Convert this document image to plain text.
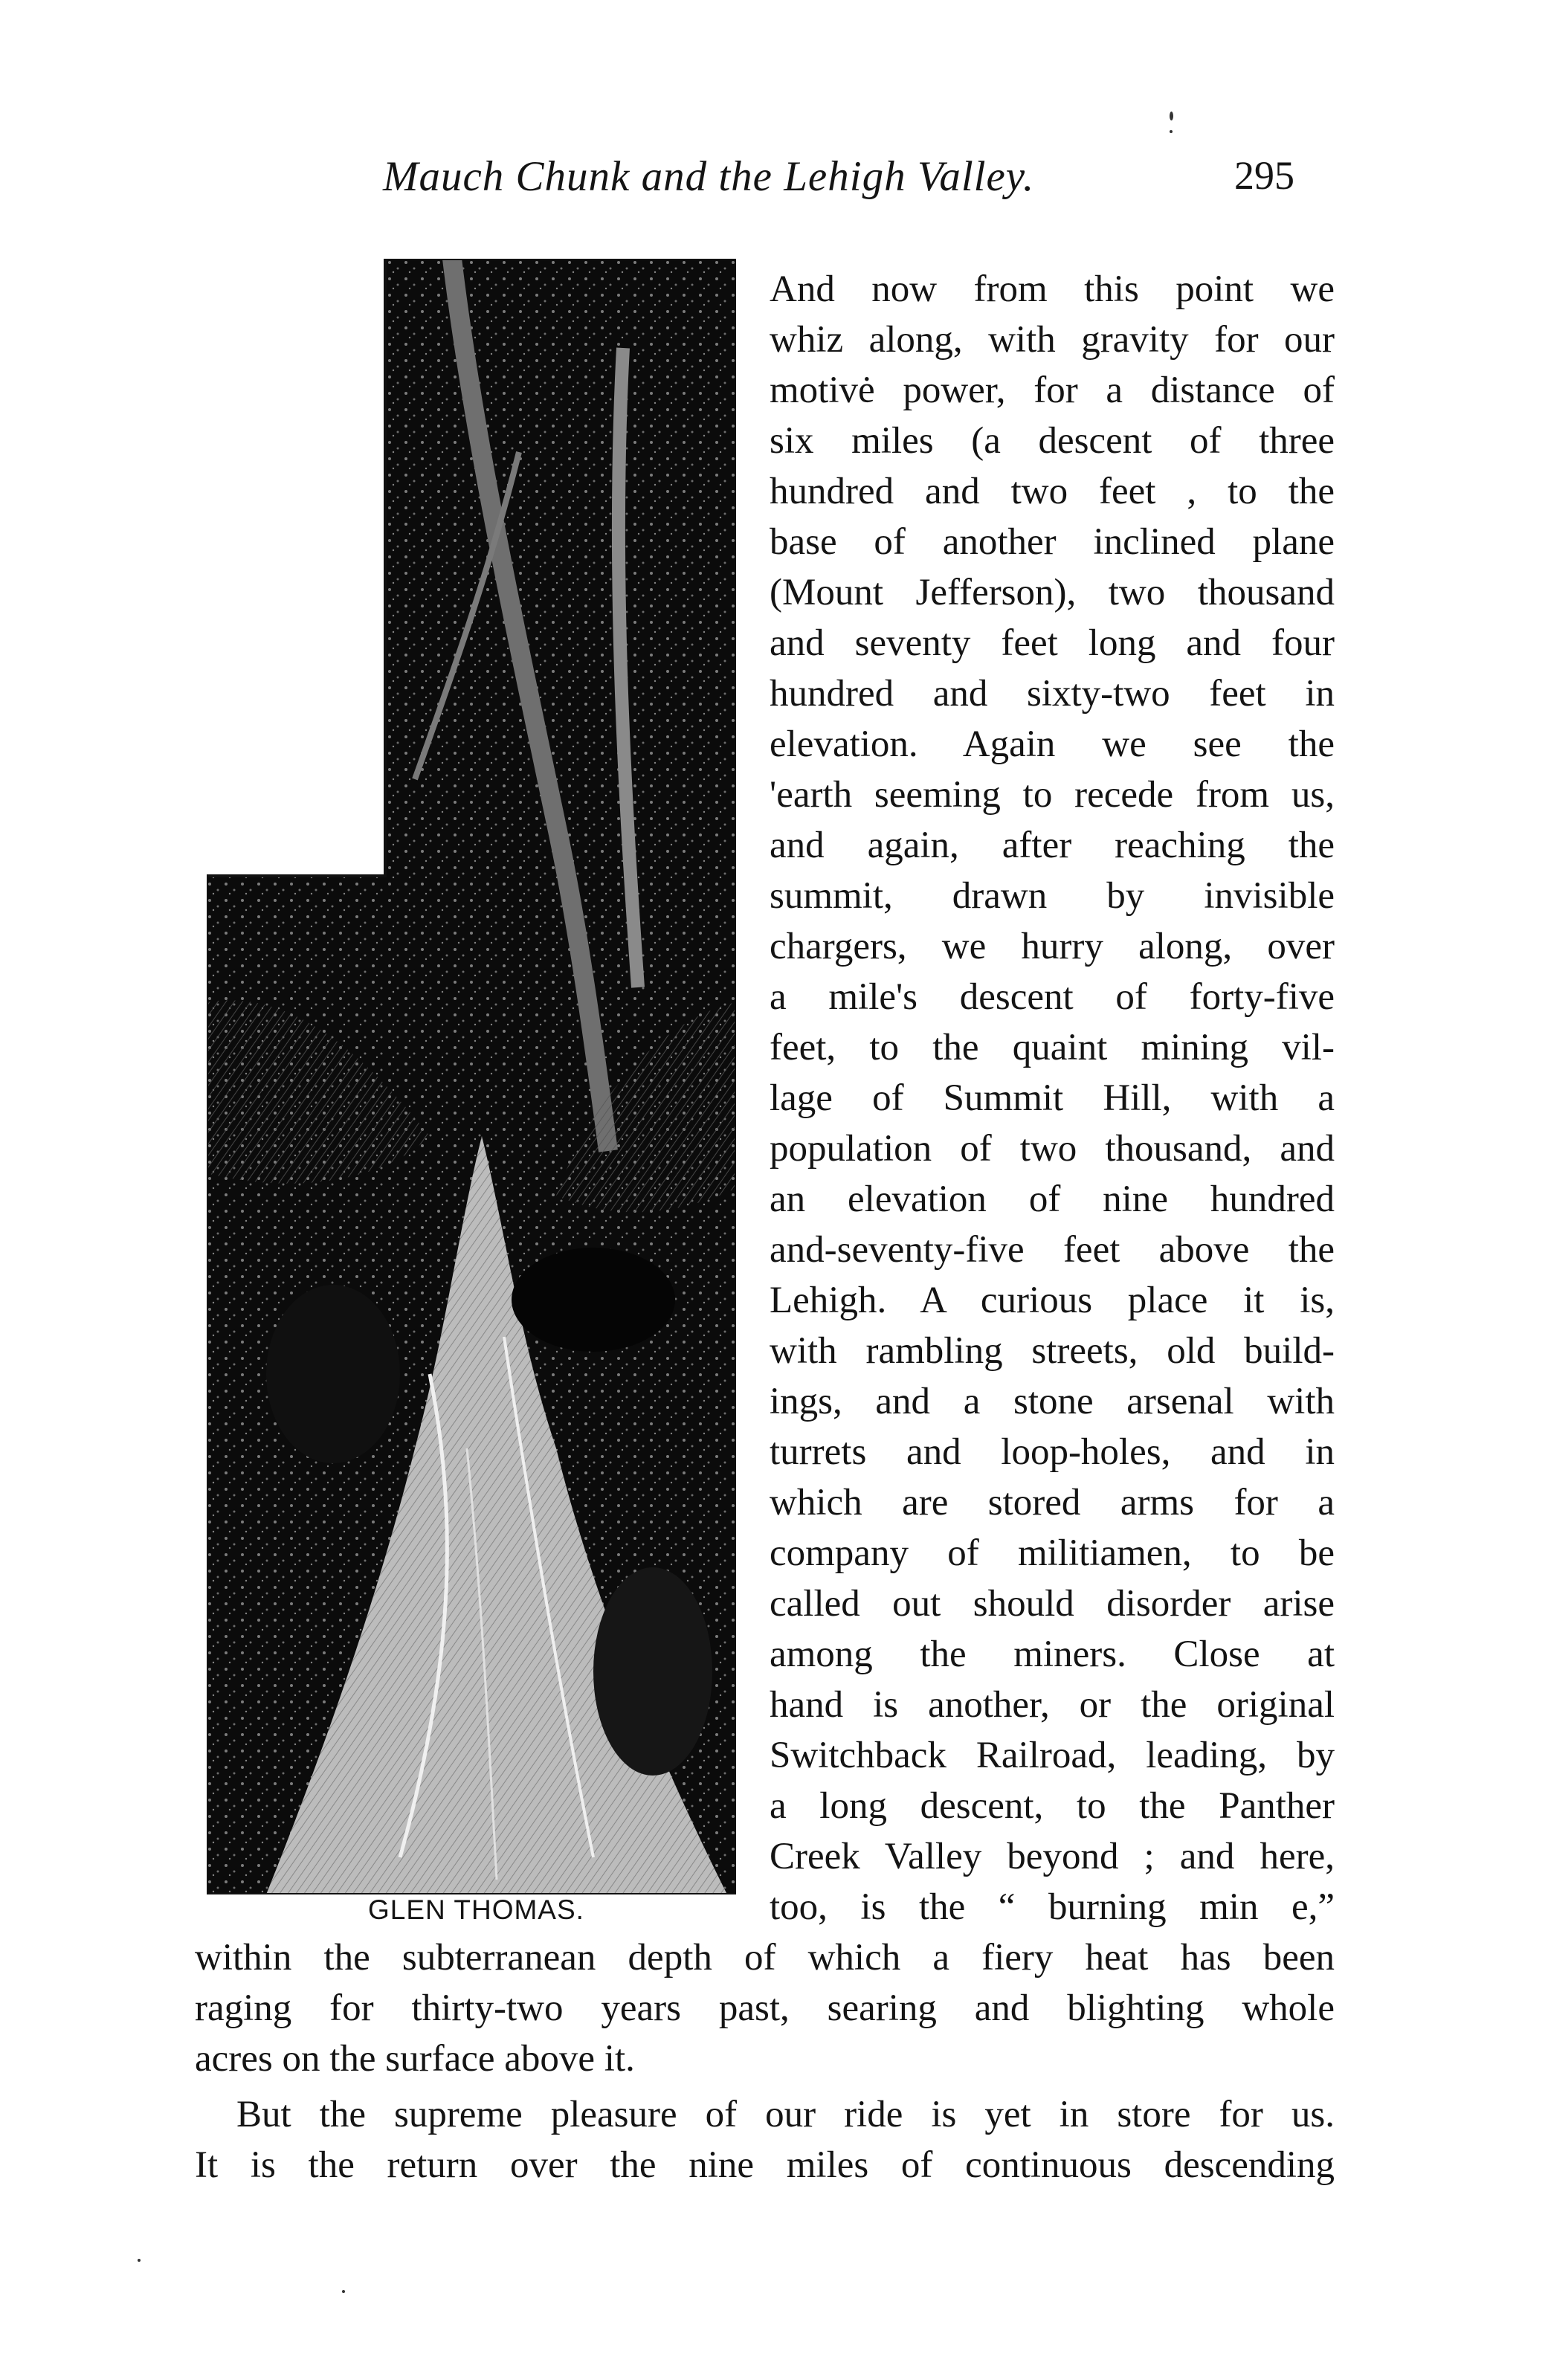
Mauch Chunk and the Lehigh Valley.	295
GLEN THOMAS.
And now from this point we
whiz along, with gravity for our
motivė power, for a distance of
six miles (a descent of three
hundred and two feet , to the
base of another inclined plane
(Mount Jefferson), two thousand
and seventy feet long and four
hundred and sixty-two feet in
elevation. Again we see the
'earth seeming to recede from us,
and again, after reaching the
summit, drawn by invisible
chargers, we hurry along, over
a mile's descent of forty-five
feet, to the quaint mining vil-
lage of Summit Hill, with a
population of two thousand, and
an elevation of nine hundred
and-seventy-five feet above the
Lehigh. A curious place it is,
with rambling streets, old build-
ings, and a stone arsenal with
turrets and loop-holes, and in
which are stored arms for a
company of militiamen, to be
called out should disorder arise
among the miners. Close at
hand is another, or the original
Switchback Railroad, leading, by
a long descent, to the Panther
Creek Valley beyond ; and here,
too, is the “ burning min e,”
within the subterranean depth of which a fiery heat has been
raging for thirty-two years past, searing and blighting whole
acres on the surface above it.
But the supreme pleasure of our ride is yet in store for us.
It is the return over the nine miles of continuous descending
